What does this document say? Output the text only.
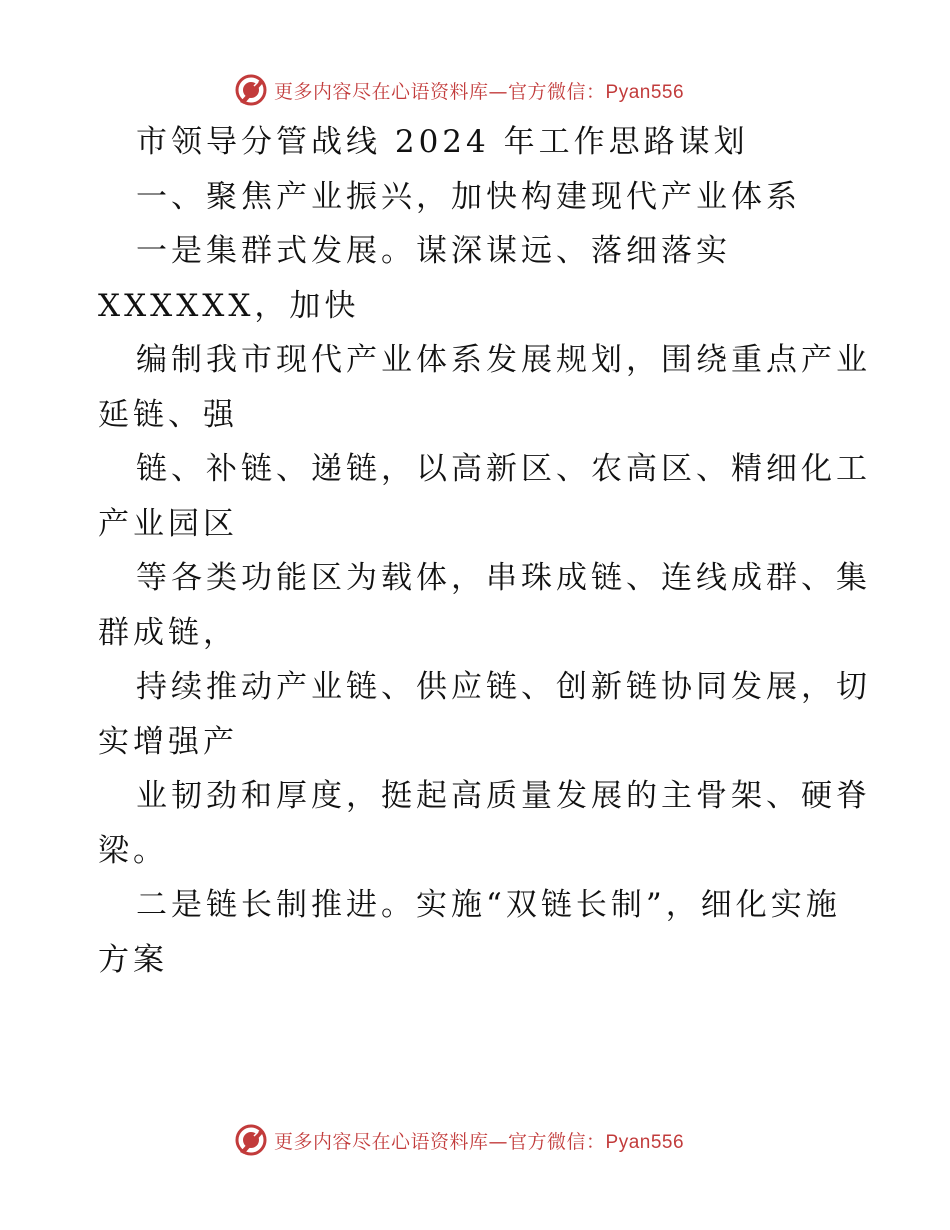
更多内容尽在心语资料库—官方微信：Pyan556
市领导分管战线 2024 年工作思路谋划
一、聚焦产业振兴，加快构建现代产业体系
一是集群式发展。谋深谋远、落细落实
XXXXXX，加快
编制我市现代产业体系发展规划，围绕重点产业
延链、强
链、补链、递链，以高新区、农高区、精细化工
产业园区
等各类功能区为载体，串珠成链、连线成群、集
群成链，
持续推动产业链、供应链、创新链协同发展，切
实增强产
业韧劲和厚度，挺起高质量发展的主骨架、硬脊
梁。
二是链长制推进。实施“双链长制”，细化实施
方案
更多内容尽在心语资料库—官方微信：Pyan556
